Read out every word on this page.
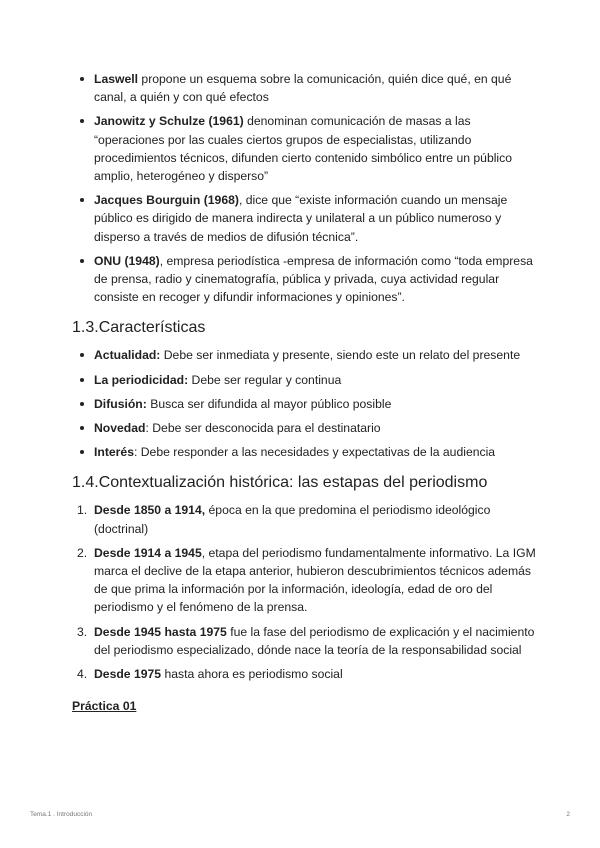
Laswell propone un esquema sobre la comunicación, quién dice qué, en qué canal, a quién y con qué efectos
Janowitz y Schulze (1961) denominan comunicación de masas a las “operaciones por las cuales ciertos grupos de especialistas, utilizando procedimientos técnicos, difunden cierto contenido simbólico entre un público amplio, heterogéneo y disperso”
Jacques Bourguin (1968), dice que “existe información cuando un mensaje público es dirigido de manera indirecta y unilateral a un público numeroso y disperso a través de medios de difusión técnica”.
ONU (1948), empresa periodística -empresa de información como “toda empresa de prensa, radio y cinematografía, pública y privada, cuya actividad regular consiste en recoger y difundir informaciones y opiniones”.
1.3.Características
Actualidad: Debe ser inmediata y presente, siendo este un relato del presente
La periodicidad: Debe ser regular y continua
Difusión: Busca ser difundida al mayor público posible
Novedad: Debe ser desconocida para el destinatario
Interés: Debe responder a las necesidades y expectativas de la audiencia
1.4.Contextualización histórica: las estapas del periodismo
1. Desde 1850 a 1914, época en la que predomina el periodismo ideológico (doctrinal)
2. Desde 1914 a 1945, etapa del periodismo fundamentalmente informativo. La IGM marca el declive de la etapa anterior, hubieron descubrimientos técnicos además de que prima la información por la información, ideología, edad de oro del periodismo y el fenómeno de la prensa.
3. Desde 1945 hasta 1975 fue la fase del periodismo de explicación y el nacimiento del periodismo especializado, dónde nace la teoría de la responsabilidad social
4. Desde 1975 hasta ahora es periodismo social
Práctica 01
Tema.1 . Introducción	2
